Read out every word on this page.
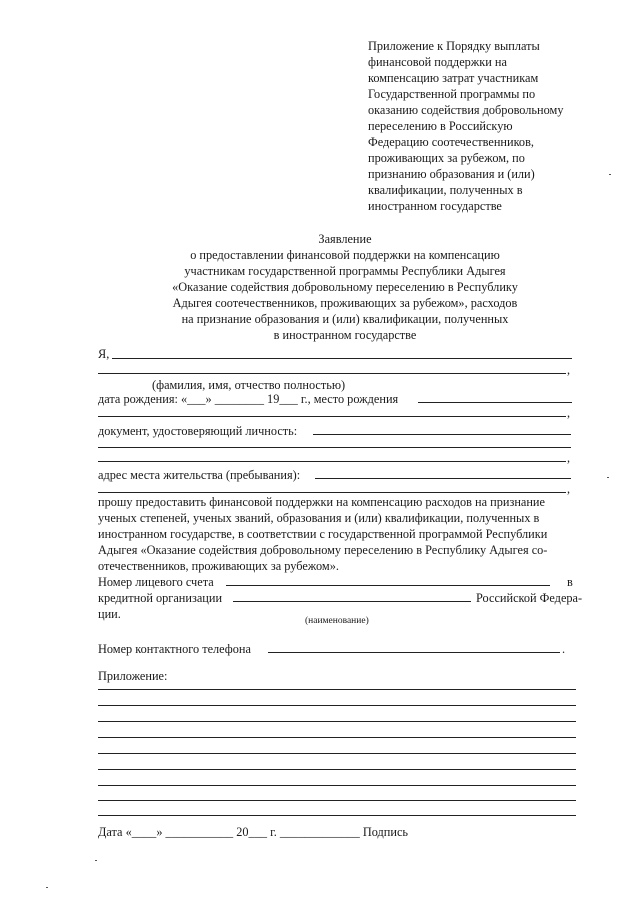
Приложение к Порядку выплаты
финансовой поддержки на
компенсацию затрат участникам
Государственной программы по
оказанию содействия добровольному
переселению в Российскую
Федерацию соотечественников,
проживающих за рубежом, по
признанию образования и (или)
квалификации, полученных в
иностранном государстве
Заявление
о предоставлении финансовой поддержки на компенсацию
участникам государственной программы Республики Адыгея
«Оказание содействия добровольному переселению в Республику
Адыгея соотечественников, проживающих за рубежом», расходов
на признание образования и (или) квалификации, полученных
в иностранном государстве
Я,
,
(фамилия, имя, отчество полностью)
дата рождения: «___» ________ 19___ г., место рождения
,
документ, удостоверяющий личность:
,
адрес места жительства (пребывания):
,
прошу предоставить финансовой поддержки на компенсацию расходов на признание
ученых степеней, ученых званий, образования и (или) квалификации, полученных в
иностранном государстве, в соответствии с государственной программой Республики
Адыгея «Оказание содействия добровольному переселению в Республику Адыгея со-
отечественников, проживающих за рубежом».
Номер лицевого счета	в
кредитной организации	Российской Федера-
ции.	(наименование)
Номер контактного телефона	.
Приложение:
Дата «____» ___________ 20___ г. _____________ Подпись
